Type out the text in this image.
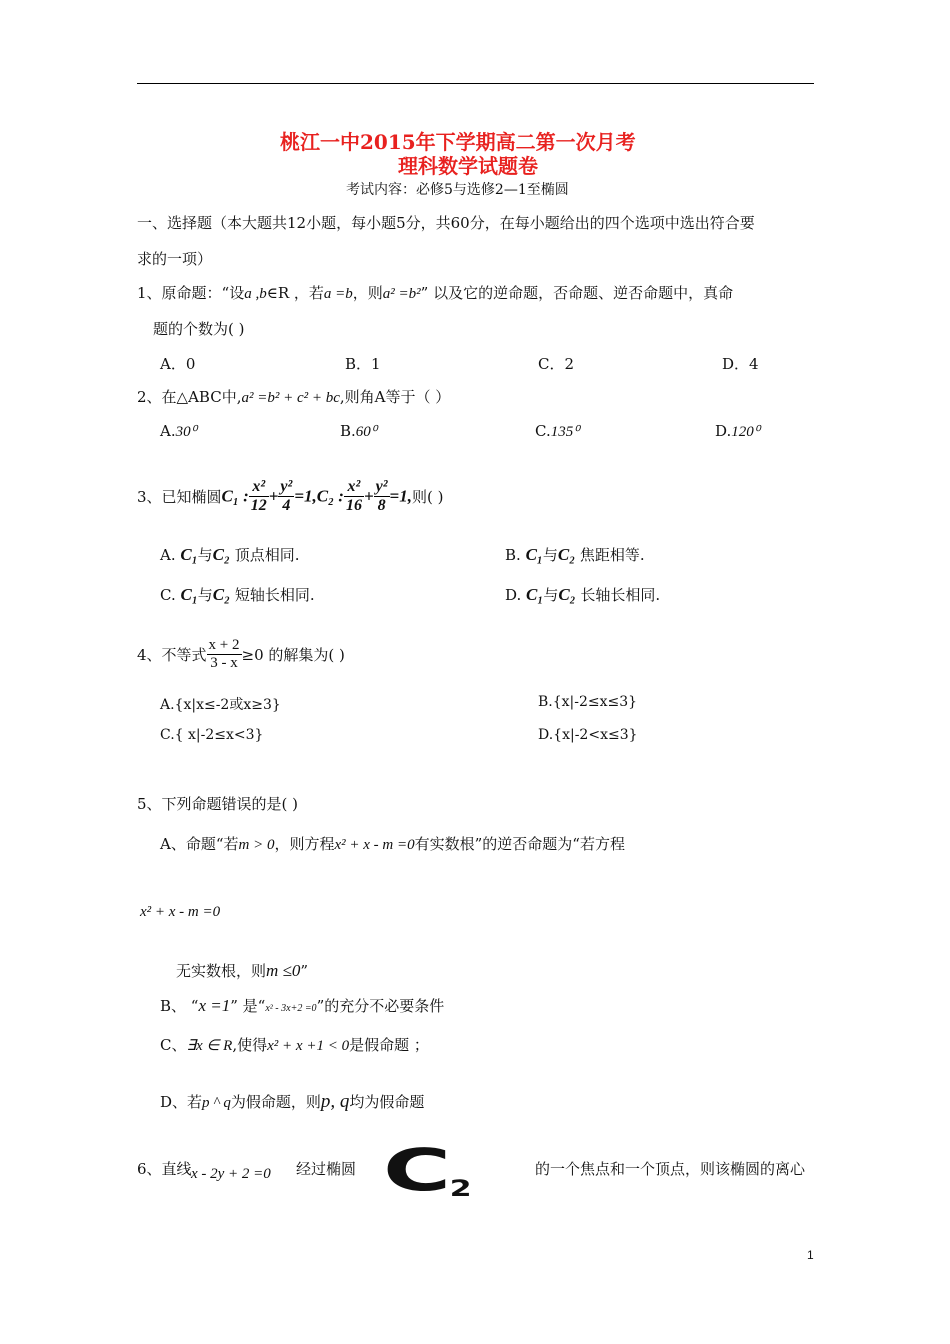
桃江一中2015年下学期高二第一次月考
理科数学试题卷
考试内容：必修5与选修2—1至椭圆
一、选择题（本大题共12小题，每小题5分，共60分，在每小题给出的四个选项中选出符合要
求的一项）
1、原命题：“设a ,b∈R ，若a =b，则a² =b²” 以及它的逆命题，否命题、逆否命题中，真命
题的个数为( )
A．0	B．1	C．2	D．4
2、在△ABC中,a² =b² + c² + bc,则角A等于（ ）
A.30⁰	B.60⁰	C.135⁰	D.120⁰
3、已知椭圆C₁ : $\frac{\text{x²}}{12} + \frac{\text{y²}}{4} =1,C_2$ : $\frac{\text{x²}}{16} + \frac{\text{y²}}{8} =1$,则( )
A. C₁与C₂ 顶点相同.	B. C₁与C₂ 焦距相等.
C. C₁与C₂ 短轴长相同.	D. C₁与C₂ 长轴长相同.
4、不等式 $\frac{x + 2}{3 - x} \ge 0$ 的解集为( )
A.{x|x≤-2或x≥3}	B.{x|-2≤x≤3}
C.{ x|-2≤x<3}	D.{x|-2<x≤3}
5、下列命题错误的是( )
A、命题“若m > 0，则方程x² + x - m =0有实数根”的逆否命题为“若方程
x² + x - m =0
无实数根，则m ≤0”
B、 “x =1” 是“x² - 3x+2 =0”的充分不必要条件
C、∃x ∈ R,使得x² + x +1 < 0是假命题 ；
D、若p ^ q为假命题，则p, q均为假命题
6、直线 x - 2y + 2 =0 经过椭圆 C2
的一个焦点和一个顶点，则该椭圆的离心
1
